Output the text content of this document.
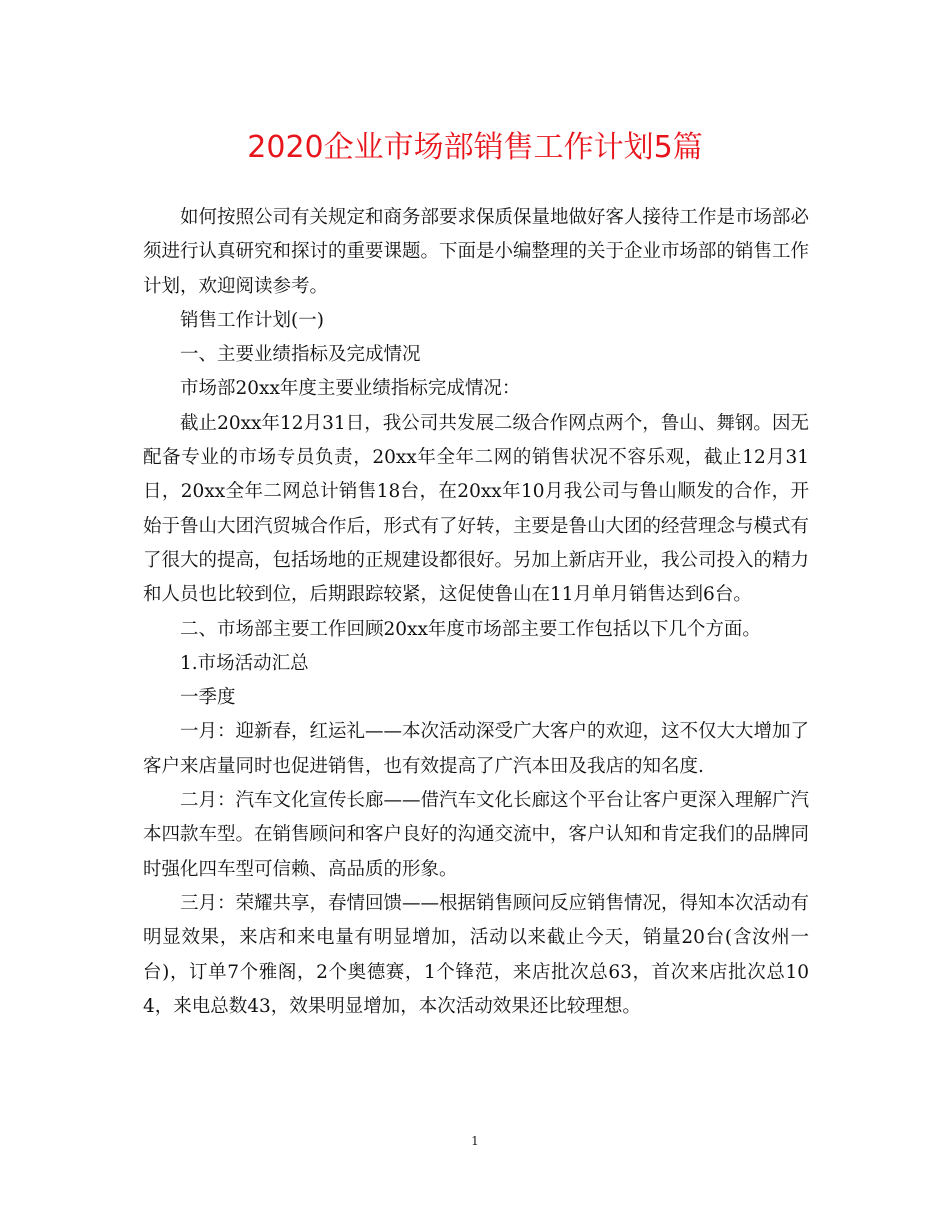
2020企业市场部销售工作计划5篇

如何按照公司有关规定和商务部要求保质保量地做好客人接待工作是市场部必须进行认真研究和探讨的重要课题。下面是小编整理的关于企业市场部的销售工作计划，欢迎阅读参考。

销售工作计划(一)

一、主要业绩指标及完成情况

市场部20xx年度主要业绩指标完成情况：

截止20xx年12月31日，我公司共发展二级合作网点两个，鲁山、舞钢。因无配备专业的市场专员负责，20xx年全年二网的销售状况不容乐观，截止12月31日，20xx全年二网总计销售18台，在20xx年10月我公司与鲁山顺发的合作，开始于鲁山大团汽贸城合作后，形式有了好转，主要是鲁山大团的经营理念与模式有了很大的提高，包括场地的正规建设都很好。另加上新店开业，我公司投入的精力和人员也比较到位，后期跟踪较紧，这促使鲁山在11月单月销售达到6台。

二、市场部主要工作回顾20xx年度市场部主要工作包括以下几个方面。

1.市场活动汇总

一季度

一月：迎新春，红运礼——本次活动深受广大客户的欢迎，这不仅大大增加了客户来店量同时也促进销售，也有效提高了广汽本田及我店的知名度.

二月：汽车文化宣传长廊——借汽车文化长廊这个平台让客户更深入理解广汽本四款车型。在销售顾问和客户良好的沟通交流中，客户认知和肯定我们的品牌同时强化四车型可信赖、高品质的形象。

三月：荣耀共享，春情回馈——根据销售顾问反应销售情况，得知本次活动有明显效果，来店和来电量有明显增加，活动以来截止今天，销量20台(含汝州一台)，订单7个雅阁，2个奥德赛，1个锋范，来店批次总63，首次来店批次总104，来电总数43，效果明显增加，本次活动效果还比较理想。

1
